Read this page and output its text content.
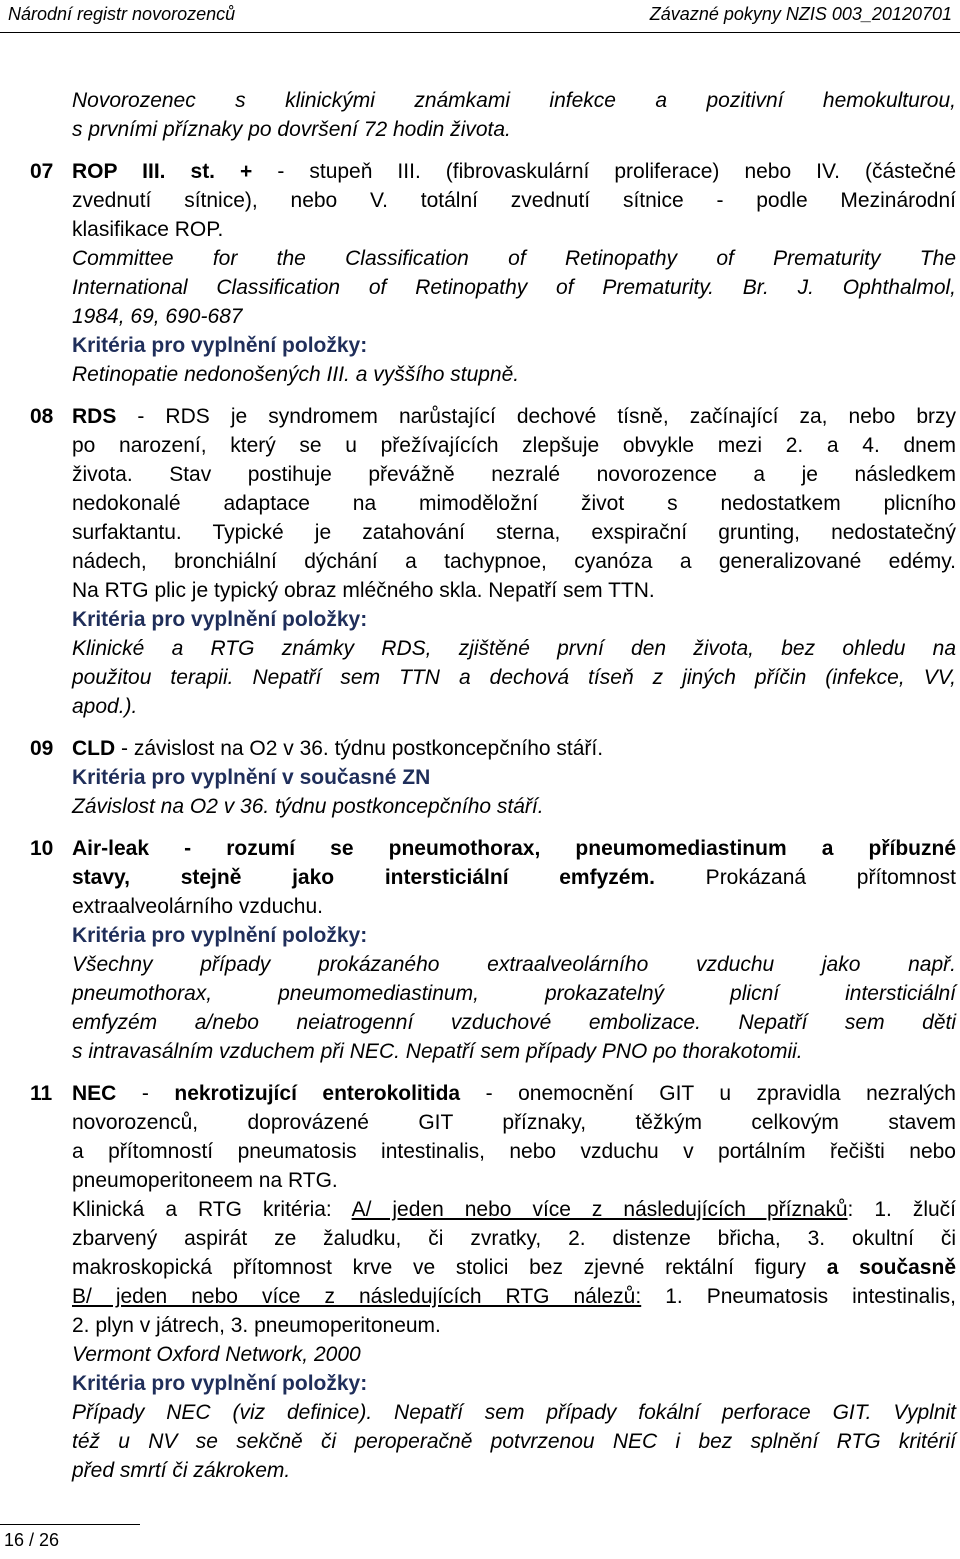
Národní registr novorozenců	Závazné pokyny NZIS 003_20120701
Novorozenec s klinickými známkami infekce a pozitivní hemokulturou,
s prvními příznaky po dovršení 72 hodin života.
07 ROP III. st. + - stupeň III. (fibrovaskulární proliferace) nebo IV. (částečné
zvednutí sítnice), nebo V. totální zvednutí sítnice - podle Mezinárodní
klasifikace ROP.
Committee for the Classification of Retinopathy of Prematurity The
International Classification of Retinopathy of Prematurity. Br. J. Ophthalmol,
1984, 69, 690-687
Kritéria pro vyplnění položky:
Retinopatie nedonošených III. a vyššího stupně.
08 RDS - RDS je syndromem narůstající dechové tísně, začínající za, nebo brzy
po narození, který se u přežívajících zlepšuje obvykle mezi 2. a 4. dnem
života. Stav postihuje převážně nezralé novorozence a je následkem
nedokonalé adaptace na mimoděložní život s nedostatkem plicního
surfaktantu. Typické je zatahování sterna, exspirační grunting, nedostatečný
nádech, bronchiální dýchání a tachypnoe, cyanóza a generalizované edémy.
Na RTG plic je typický obraz mléčného skla. Nepatří sem TTN.
Kritéria pro vyplnění položky:
Klinické a RTG známky RDS, zjištěné první den života, bez ohledu na
použitou terapii. Nepatří sem TTN a dechová tíseň z jiných příčin (infekce, VV,
apod.).
09 CLD - závislost na O2 v 36. týdnu postkoncepčního stáří.
Kritéria pro vyplnění v současné ZN
Závislost na O2 v 36. týdnu postkoncepčního stáří.
10 Air-leak - rozumí se pneumothorax, pneumomediastinum a příbuzné
stavy, stejně jako intersticiální emfyzém. Prokázaná přítomnost
extraalveolárního vzduchu.
Kritéria pro vyplnění položky:
Všechny případy prokázaného extraalveolárního vzduchu jako např.
pneumothorax, pneumomediastinum, prokazatelný plicní intersticiální
emfyzém a/nebo neiatrogenní vzduchové embolizace. Nepatří sem děti
s intravasálním vzduchem při NEC. Nepatří sem případy PNO po thorakotomii.
11 NEC - nekrotizující enterokolitida - onemocnění GIT u zpravidla nezralých
novorozenců, doprovázené GIT příznaky, těžkým celkovým stavem
a přítomností pneumatosis intestinalis, nebo vzduchu v portálním řečišti nebo
pneumoperitoneem na RTG.
Klinická a RTG kritéria: A/ jeden nebo více z následujících příznaků: 1. žlučí
zbarvený aspirát ze žaludku, či zvratky, 2. distenze břicha, 3. okultní či
makroskopická přítomnost krve ve stolici bez zjevné rektální figury a současně
B/ jeden nebo více z následujících RTG nálezů: 1. Pneumatosis intestinalis,
2. plyn v játrech, 3. pneumoperitoneum.
Vermont Oxford Network, 2000
Kritéria pro vyplnění položky:
Případy NEC (viz definice). Nepatří sem případy fokální perforace GIT. Vyplnit
též u NV se sekčně či peroperačně potvrzenou NEC i bez splnění RTG kritérií
před smrtí či zákrokem.
16 / 26
